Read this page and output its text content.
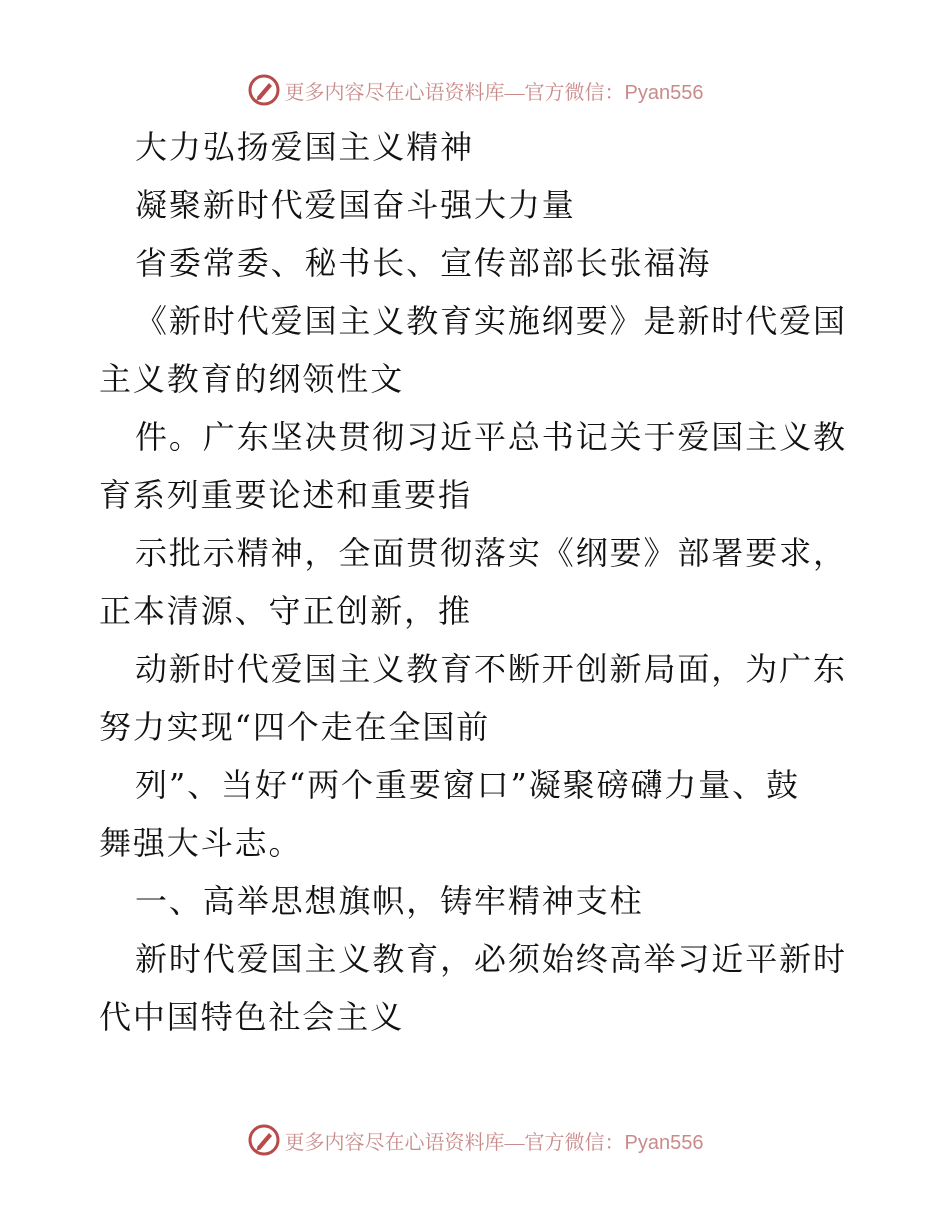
更多内容尽在心语资料库—官方微信：Pyan556
大力弘扬爱国主义精神
凝聚新时代爱国奋斗强大力量
省委常委、秘书长、宣传部部长张福海
《新时代爱国主义教育实施纲要》是新时代爱国
主义教育的纲领性文
件。广东坚决贯彻习近平总书记关于爱国主义教
育系列重要论述和重要指
示批示精神，全面贯彻落实《纲要》部署要求，
正本清源、守正创新，推
动新时代爱国主义教育不断开创新局面，为广东
努力实现“四个走在全国前
列”、当好“两个重要窗口”凝聚磅礴力量、鼓
舞强大斗志。
一、高举思想旗帜，铸牢精神支柱
新时代爱国主义教育，必须始终高举习近平新时
代中国特色社会主义
更多内容尽在心语资料库—官方微信：Pyan556
